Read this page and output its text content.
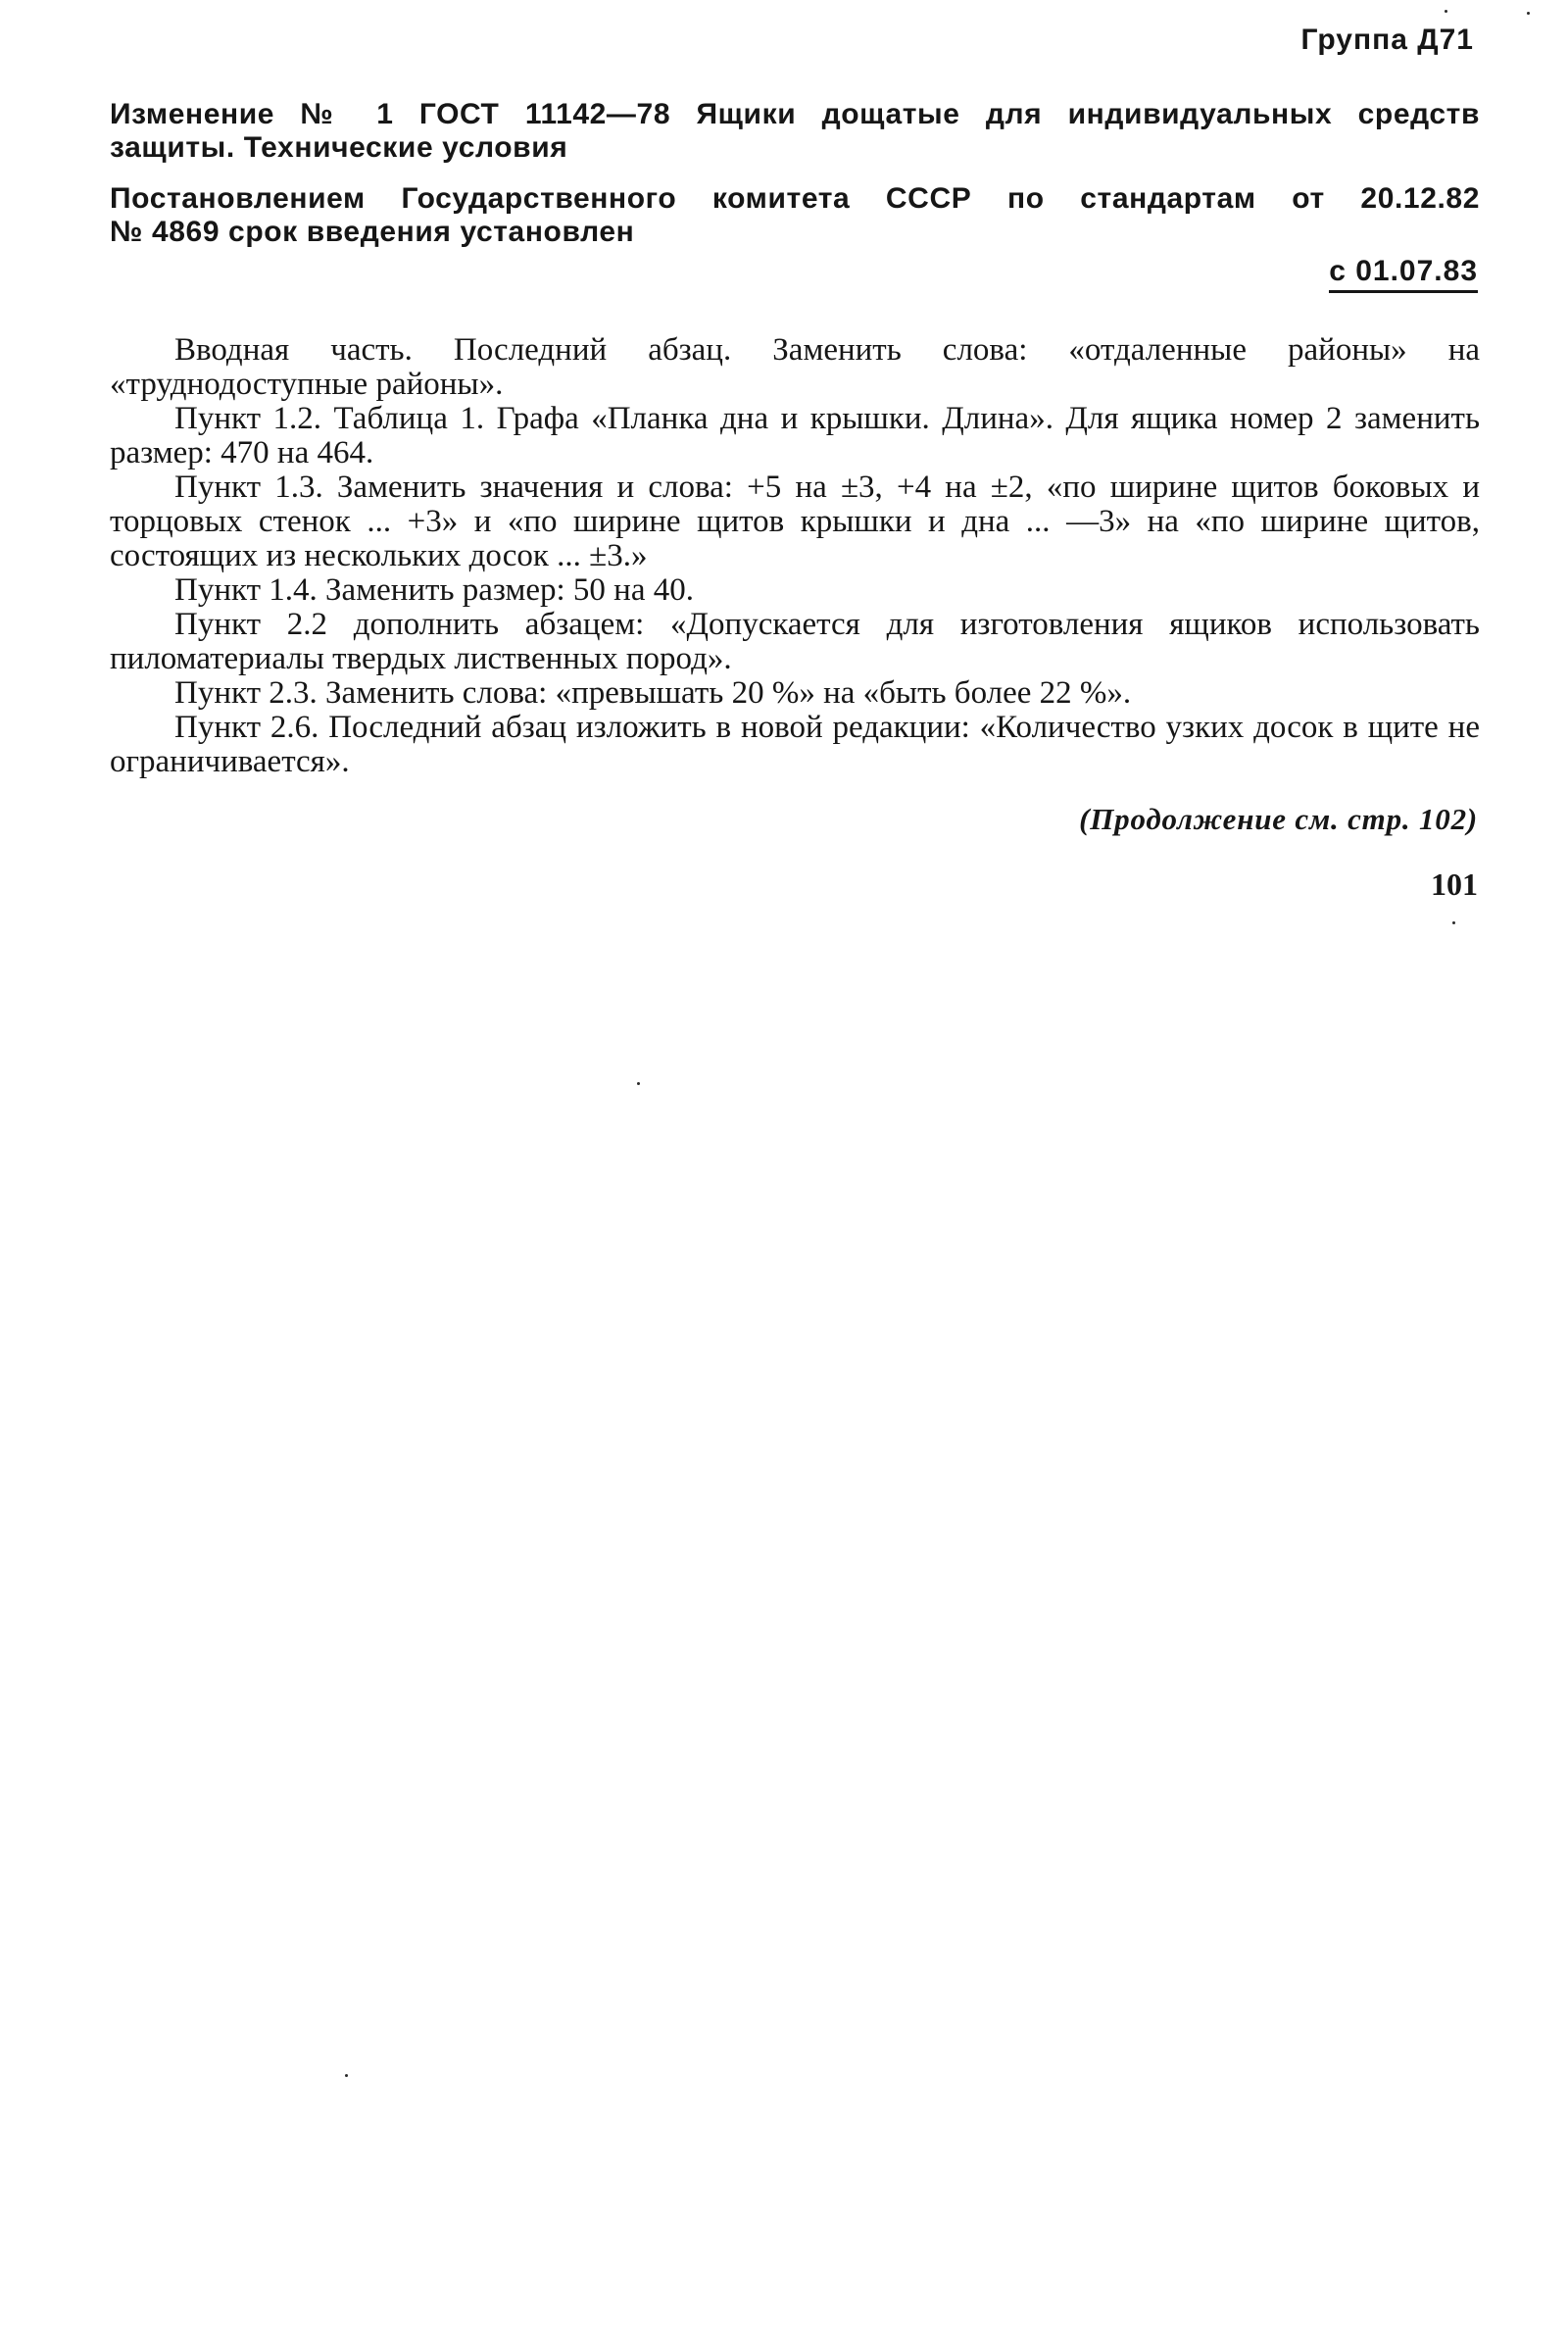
Группа Д71
Изменение № 1 ГОСТ 11142—78 Ящики дощатые для индивидуальных средств
защиты. Технические условия
Постановлением Государственного комитета СССР по стандартам от 20.12.82
№ 4869 срок введения установлен
с 01.07.83

Вводная часть. Последний абзац. Заменить слова: «отдаленные районы» на «труднодоступные районы».

Пункт 1.2. Таблица 1. Графа «Планка дна и крышки. Длина». Для ящика номер 2 заменить размер: 470 на 464.

Пункт 1.3. Заменить значения и слова: +5 на ±3, +4 на ±2, «по ширине щитов боковых и торцовых стенок ... +3» и «по ширине щитов крышки и дна ... —3» на «по ширине щитов, состоящих из нескольких досок ... ±3.»

Пункт 1.4. Заменить размер: 50 на 40.

Пункт 2.2 дополнить абзацем: «Допускается для изготовления ящиков использовать пиломатериалы твердых лиственных пород».

Пункт 2.3. Заменить слова: «превышать 20 %» на «быть более 22 %».

Пункт 2.6. Последний абзац изложить в новой редакции: «Количество узких досок в щите не ограничивается».

(Продолжение см. стр. 102)
101
